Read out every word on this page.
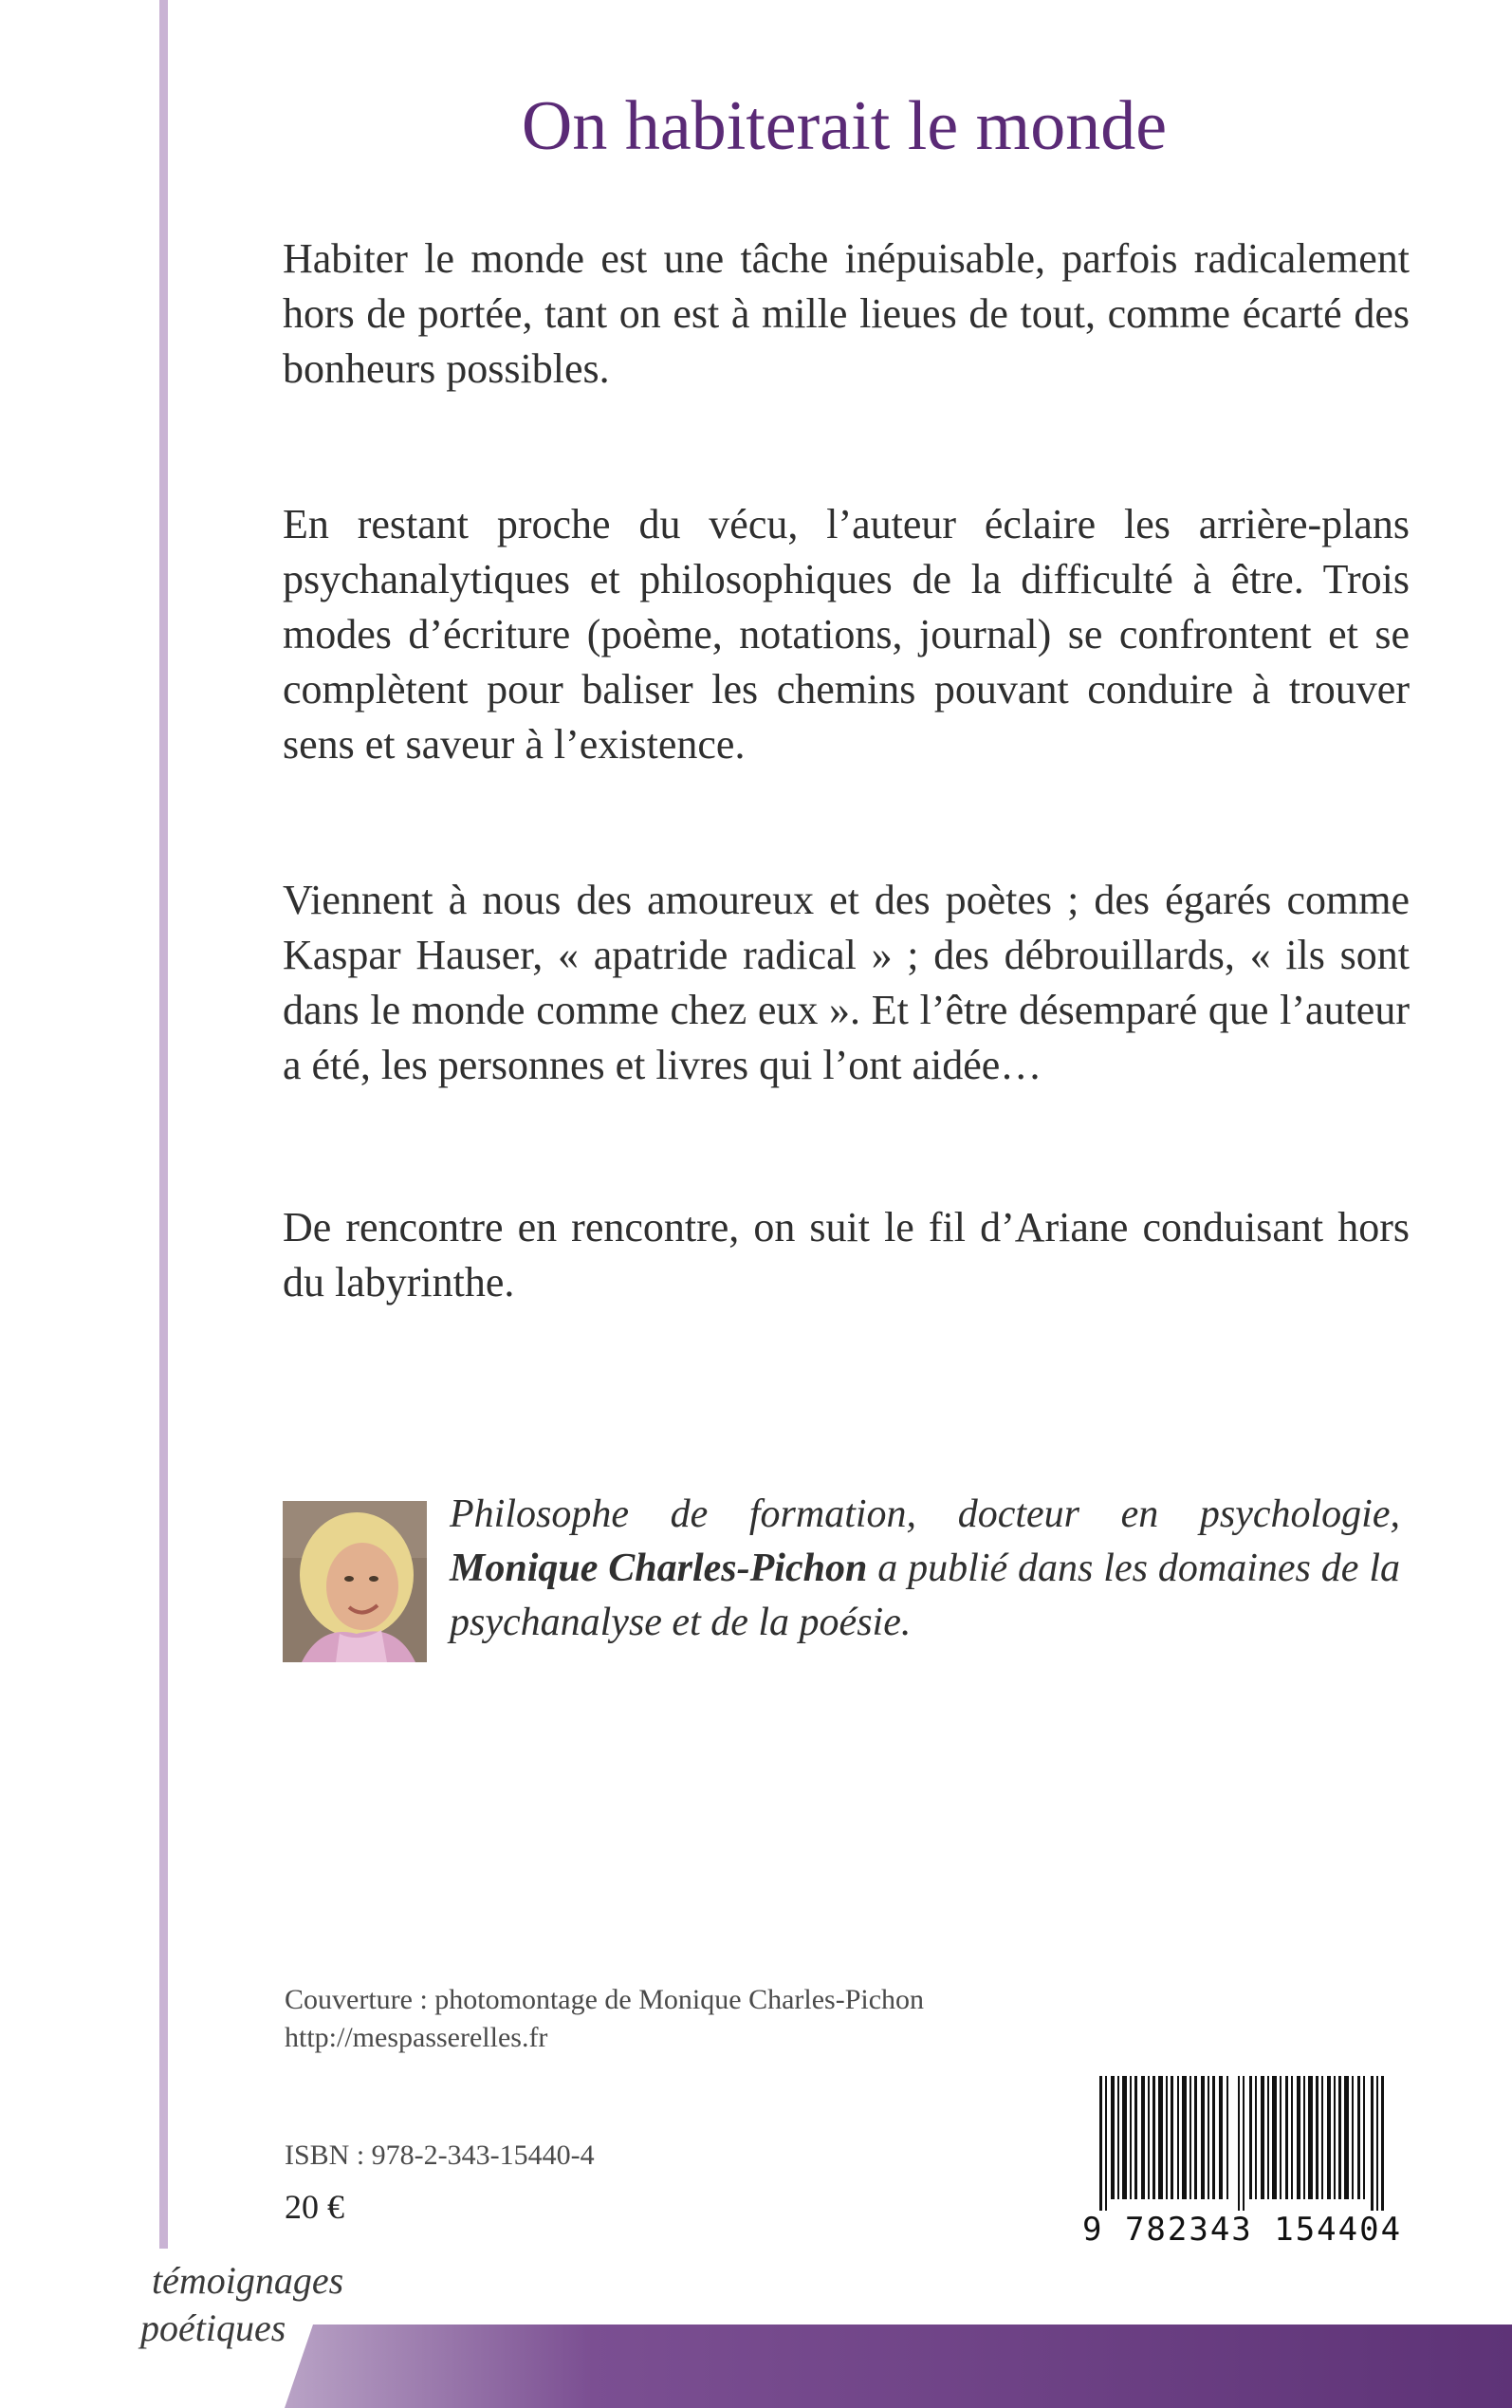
On habiterait le monde

Habiter le monde est une tâche inépuisable, parfois radicalement hors de portée, tant on est à mille lieues de tout, comme écarté des bonheurs possibles.

En restant proche du vécu, l’auteur éclaire les arrière-plans psychanalytiques et philosophiques de la difficulté à être. Trois modes d’écriture (poème, notations, journal) se confrontent et se complètent pour baliser les chemins pouvant conduire à trouver sens et saveur à l’existence.

Viennent à nous des amoureux et des poètes ; des égarés comme Kaspar Hauser, « apatride radical » ; des débrouillards, « ils sont dans le monde comme chez eux ». Et l’être désemparé que l’auteur a été, les personnes et livres qui l’ont aidée…

De rencontre en rencontre, on suit le fil d’Ariane conduisant hors du labyrinthe.

Philosophe de formation, docteur en psychologie, Monique Charles-Pichon a publié dans les domaines de la psychanalyse et de la poésie.

Couverture : photomontage de Monique Charles-Pichon
http://mespasserelles.fr
ISBN : 978-2-343-15440-4
20 €
9 782343 154404
témoignages
poétiques
